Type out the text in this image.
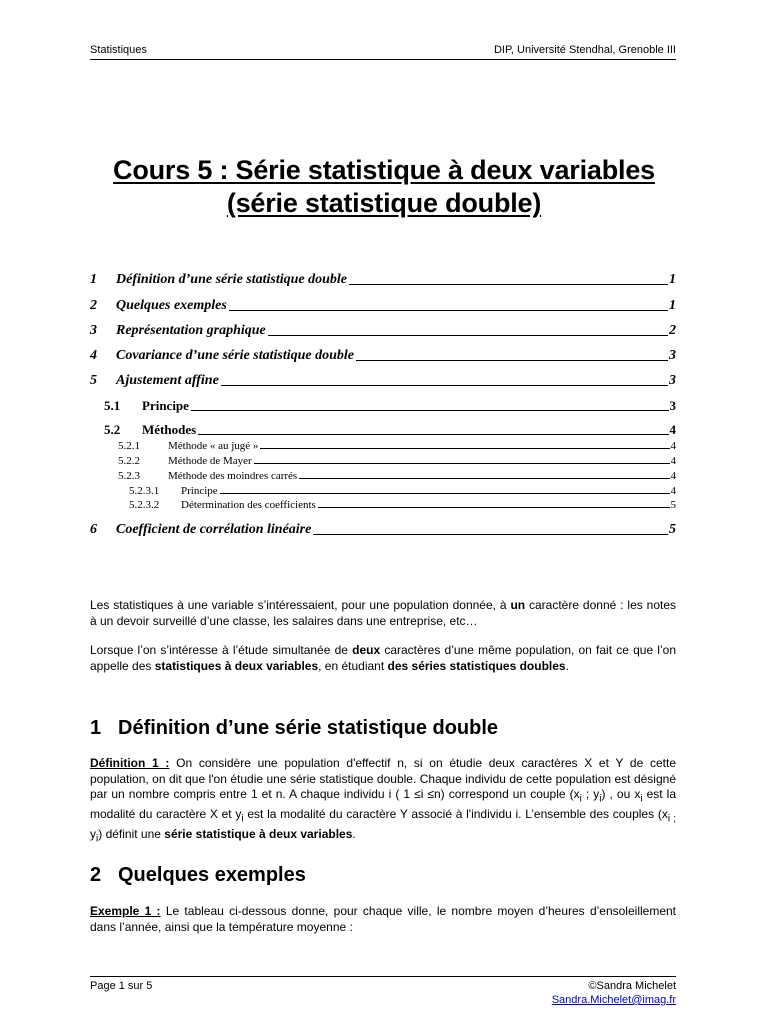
Statistiques	DIP, Université Stendhal, Grenoble III
Cours 5 : Série statistique à deux variables
(série statistique double)
1	Définition d’une série statistique double	1
2	Quelques exemples	1
3	Représentation graphique	2
4	Covariance d’une série statistique double	3
5	Ajustement affine	3
5.1	Principe	3
5.2	Méthodes	4
5.2.1	Méthode « au jugé »	4
5.2.2	Méthode de Mayer	4
5.2.3	Méthode des moindres carrés	4
5.2.3.1	Principe	4
5.2.3.2	Détermination des coefficients	5
6	Coefficient de corrélation linéaire	5
Les statistiques à une variable s’intéressaient, pour une population donnée, à un caractère donné : les notes à un devoir surveillé d’une classe, les salaires dans une entreprise, etc…
Lorsque l’on s’intéresse à l’étude simultanée de deux caractères d’une même population, on fait ce que l’on appelle des statistiques à deux variables, en étudiant des séries statistiques doubles.
1 Définition d’une série statistique double
Définition 1 : On considère une population d'effectif n, si on étudie deux caractères X et Y de cette population, on dit que l'on étudie une série statistique double. Chaque individu de cette population est désigné par un nombre compris entre 1 et n. A chaque individu i ( 1 ≤i ≤n) correspond un couple ($x_i$ ; $y_i$) , ou $x_i$ est la modalité du caractère X et $y_i$ est la modalité du caractère Y associé à l'individu i. L’ensemble des couples ($x_{i ;}$ $y_i$) définit une série statistique à deux variables.
2 Quelques exemples
Exemple 1 : Le tableau ci-dessous donne, pour chaque ville, le nombre moyen d’heures d’ensoleillement dans l’année, ainsi que la température moyenne :
Page 1 sur 5	©Sandra Michelet
Sandra.Michelet@imag.fr
